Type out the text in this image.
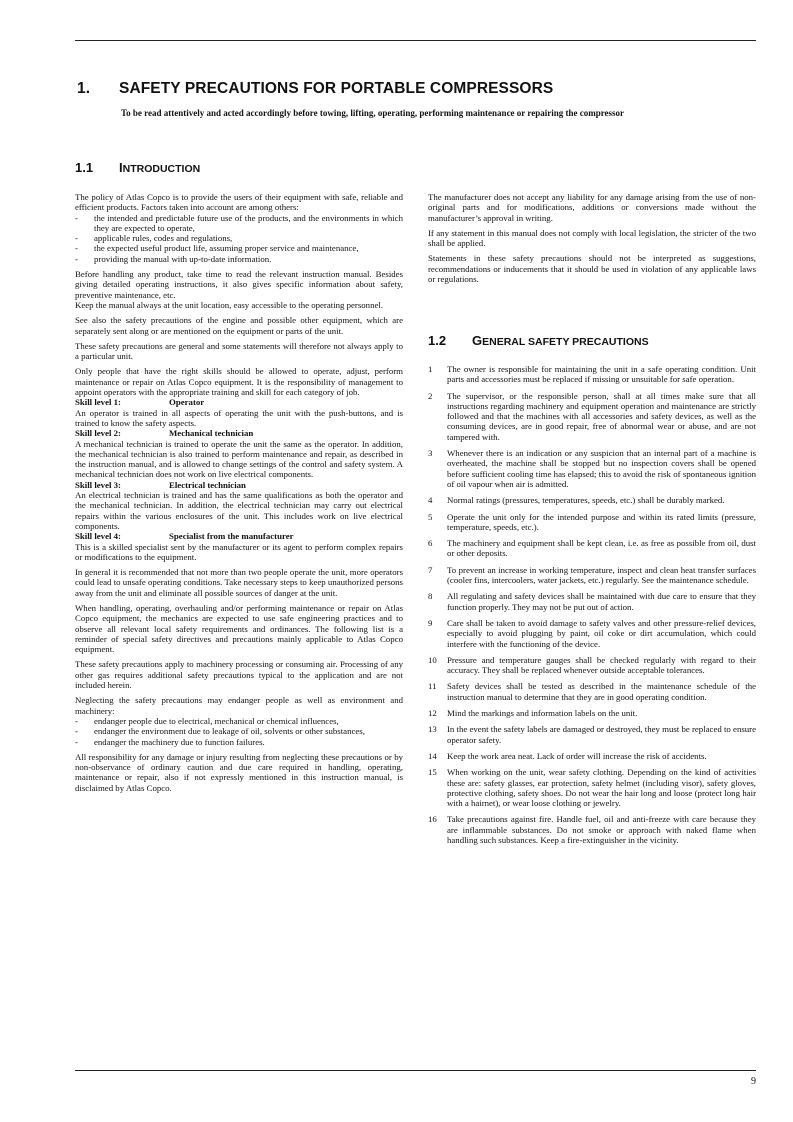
1. SAFETY PRECAUTIONS FOR PORTABLE COMPRESSORS
To be read attentively and acted accordingly before towing, lifting, operating, performing maintenance or repairing the compressor
1.1 INTRODUCTION

The policy of Atlas Copco is to provide the users of their equipment with safe, reliable and efficient products. Factors taken into account are among others:

-	the intended and predictable future use of the products, and the environments in which they are expected to operate,
-	applicable rules, codes and regulations,
-	the expected useful product life, assuming proper service and maintenance,
-	providing the manual with up-to-date information.

Before handling any product, take time to read the relevant instruction manual. Besides giving detailed operating instructions, it also gives specific information about safety, preventive maintenance, etc.

Keep the manual always at the unit location, easy accessible to the operating personnel.

See also the safety precautions of the engine and possible other equipment, which are separately sent along or are mentioned on the equipment or parts of the unit.

These safety precautions are general and some statements will therefore not always apply to a particular unit.

Only people that have the right skills should be allowed to operate, adjust, perform maintenance or repair on Atlas Copco equipment. It is the responsibility of management to appoint operators with the appropriate training and skill for each category of job.

Skill level 1:	Operator

An operator is trained in all aspects of operating the unit with the push-buttons, and is trained to know the safety aspects.

Skill level 2:	Mechanical technician

A mechanical technician is trained to operate the unit the same as the operator. In addition, the mechanical technician is also trained to perform maintenance and repair, as described in the instruction manual, and is allowed to change settings of the control and safety system. A mechanical technician does not work on live electrical components.

Skill level 3:	Electrical technician

An electrical technician is trained and has the same qualifications as both the operator and the mechanical technician. In addition, the electrical technician may carry out electrical repairs within the various enclosures of the unit. This includes work on live electrical components.

Skill level 4:	Specialist from the manufacturer

This is a skilled specialist sent by the manufacturer or its agent to perform complex repairs or modifications to the equipment.

In general it is recommended that not more than two people operate the unit, more operators could lead to unsafe operating conditions. Take necessary steps to keep unauthorized persons away from the unit and eliminate all possible sources of danger at the unit.

When handling, operating, overhauling and/or performing maintenance or repair on Atlas Copco equipment, the mechanics are expected to use safe engineering practices and to observe all relevant local safety requirements and ordinances. The following list is a reminder of special safety directives and precautions mainly applicable to Atlas Copco equipment.

These safety precautions apply to machinery processing or consuming air. Processing of any other gas requires additional safety precautions typical to the application and are not included herein.

Neglecting the safety precautions may endanger people as well as environment and machinery:

-	endanger people due to electrical, mechanical or chemical influences,
-	endanger the environment due to leakage of oil, solvents or other substances,
-	endanger the machinery due to function failures.

All responsibility for any damage or injury resulting from neglecting these precautions or by non-observance of ordinary caution and due care required in handling, operating, maintenance or repair, also if not expressly mentioned in this instruction manual, is disclaimed by Atlas Copco.

The manufacturer does not accept any liability for any damage arising from the use of non-original parts and for modifications, additions or conversions made without the manufacturer’s approval in writing.

If any statement in this manual does not comply with local legislation, the stricter of the two shall be applied.

Statements in these safety precautions should not be interpreted as suggestions, recommendations or inducements that it should be used in violation of any applicable laws or regulations.

1.2 GENERAL SAFETY PRECAUTIONS
1	The owner is responsible for maintaining the unit in a safe operating condition. Unit parts and accessories must be replaced if missing or unsuitable for safe operation.
2	The supervisor, or the responsible person, shall at all times make sure that all instructions regarding machinery and equipment operation and maintenance are strictly followed and that the machines with all accessories and safety devices, as well as the consuming devices, are in good repair, free of abnormal wear or abuse, and are not tampered with.
3	Whenever there is an indication or any suspicion that an internal part of a machine is overheated, the machine shall be stopped but no inspection covers shall be opened before sufficient cooling time has elapsed; this to avoid the risk of spontaneous ignition of oil vapour when air is admitted.
4	Normal ratings (pressures, temperatures, speeds, etc.) shall be durably marked.
5	Operate the unit only for the intended purpose and within its rated limits (pressure, temperature, speeds, etc.).
6	The machinery and equipment shall be kept clean, i.e. as free as possible from oil, dust or other deposits.
7	To prevent an increase in working temperature, inspect and clean heat transfer surfaces (cooler fins, intercoolers, water jackets, etc.) regularly. See the maintenance schedule.
8	All regulating and safety devices shall be maintained with due care to ensure that they function properly. They may not be put out of action.
9	Care shall be taken to avoid damage to safety valves and other pressure-relief devices, especially to avoid plugging by paint, oil coke or dirt accumulation, which could interfere with the functioning of the device.
10	Pressure and temperature gauges shall be checked regularly with regard to their accuracy. They shall be replaced whenever outside acceptable tolerances.
11	Safety devices shall be tested as described in the maintenance schedule of the instruction manual to determine that they are in good operating condition.
12	Mind the markings and information labels on the unit.
13	In the event the safety labels are damaged or destroyed, they must be replaced to ensure operator safety.
14	Keep the work area neat. Lack of order will increase the risk of accidents.
15	When working on the unit, wear safety clothing. Depending on the kind of activities these are: safety glasses, ear protection, safety helmet (including visor), safety gloves, protective clothing, safety shoes. Do not wear the hair long and loose (protect long hair with a hairnet), or wear loose clothing or jewelry.
16	Take precautions against fire. Handle fuel, oil and anti-freeze with care because they are inflammable substances. Do not smoke or approach with naked flame when handling such substances. Keep a fire-extinguisher in the vicinity.
9
